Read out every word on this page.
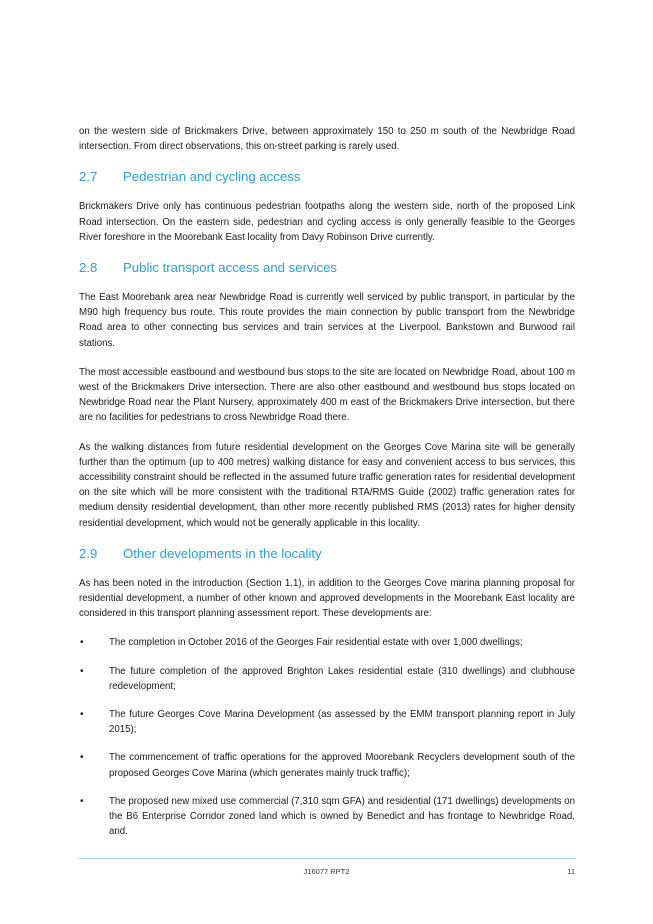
on the western side of Brickmakers Drive, between approximately 150 to 250 m south of the Newbridge Road intersection. From direct observations, this on-street parking is rarely used.

2.7 Pedestrian and cycling access

Brickmakers Drive only has continuous pedestrian footpaths along the western side, north of the proposed Link Road intersection. On the eastern side, pedestrian and cycling access is only generally feasible to the Georges River foreshore in the Moorebank East locality from Davy Robinson Drive currently.

2.8 Public transport access and services

The East Moorebank area near Newbridge Road is currently well serviced by public transport, in particular by the M90 high frequency bus route. This route provides the main connection by public transport from the Newbridge Road area to other connecting bus services and train services at the Liverpool, Bankstown and Burwood rail stations.

The most accessible eastbound and westbound bus stops to the site are located on Newbridge Road, about 100 m west of the Brickmakers Drive intersection. There are also other eastbound and westbound bus stops located on Newbridge Road near the Plant Nursery, approximately 400 m east of the Brickmakers Drive intersection, but there are no facilities for pedestrians to cross Newbridge Road there.

As the walking distances from future residential development on the Georges Cove Marina site will be generally further than the optimum (up to 400 metres) walking distance for easy and convenient access to bus services, this accessibility constraint should be reflected in the assumed future traffic generation rates for residential development on the site which will be more consistent with the traditional RTA/RMS Guide (2002) traffic generation rates for medium density residential development, than other more recently published RMS (2013) rates for higher density residential development, which would not be generally applicable in this locality.

2.9 Other developments in the locality

As has been noted in the introduction (Section 1.1), in addition to the Georges Cove marina planning proposal for residential development, a number of other known and approved developments in the Moorebank East locality are considered in this transport planning assessment report. These developments are:

•	The completion in October 2016 of the Georges Fair residential estate with over 1,000 dwellings;
•	The future completion of the approved Brighton Lakes residential estate (310 dwellings) and clubhouse redevelopment;
•	The future Georges Cove Marina Development (as assessed by the EMM transport planning report in July 2015);
•	The commencement of traffic operations for the approved Moorebank Recyclers development south of the proposed Georges Cove Marina (which generates mainly truck traffic);
•	The proposed new mixed use commercial (7,310 sqm GFA) and residential (171 dwellings) developments on the B6 Enterprise Corridor zoned land which is owned by Benedict and has frontage to Newbridge Road, and.
J16077 RPT2	11
